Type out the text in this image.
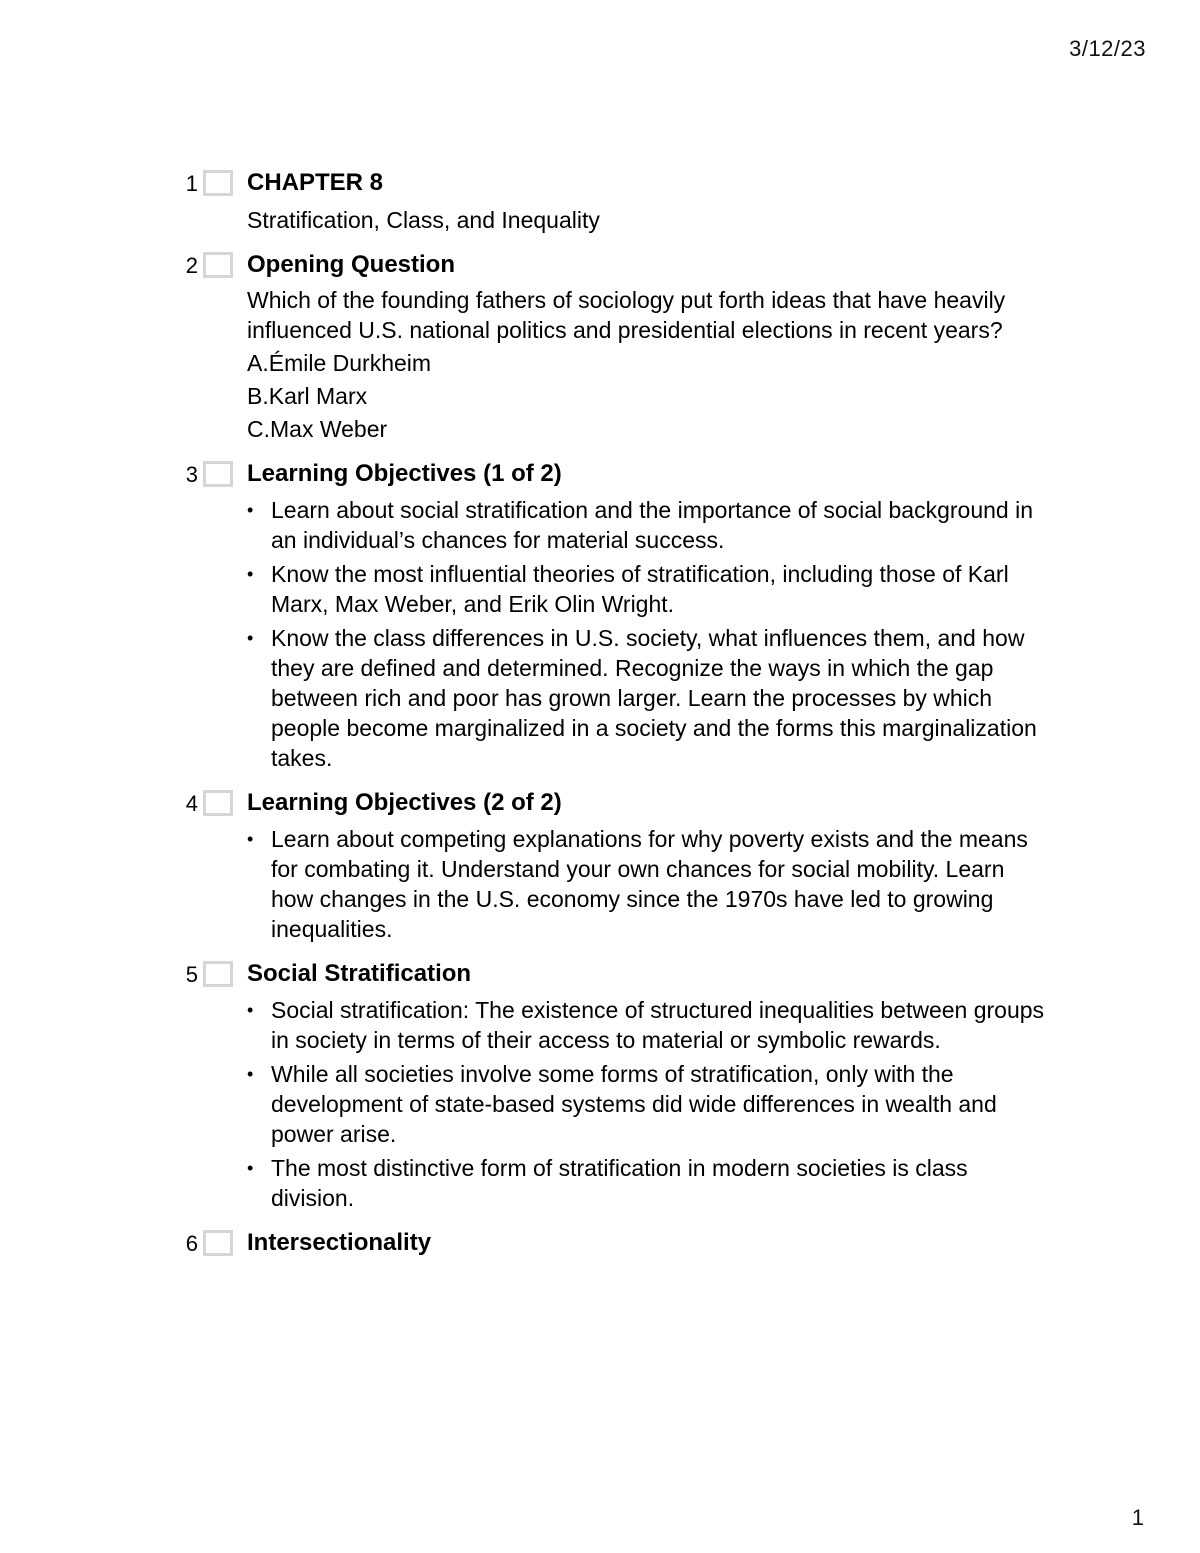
3/12/23
1 CHAPTER 8
Stratification, Class, and Inequality
2 Opening Question
Which of the founding fathers of sociology put forth ideas that have heavily influenced U.S. national politics and presidential elections in recent years?
A.Émile Durkheim
B.Karl Marx
C.Max Weber
3 Learning Objectives (1 of 2)
• Learn about social stratification and the importance of social background in an individual’s chances for material success.
• Know the most influential theories of stratification, including those of Karl Marx, Max Weber, and Erik Olin Wright.
• Know the class differences in U.S. society, what influences them, and how they are defined and determined. Recognize the ways in which the gap between rich and poor has grown larger. Learn the processes by which people become marginalized in a society and the forms this marginalization takes.
4 Learning Objectives (2 of 2)
• Learn about competing explanations for why poverty exists and the means for combating it. Understand your own chances for social mobility. Learn how changes in the U.S. economy since the 1970s have led to growing inequalities.
5 Social Stratification
• Social stratification: The existence of structured inequalities between groups in society in terms of their access to material or symbolic rewards.
• While all societies involve some forms of stratification, only with the development of state-based systems did wide differences in wealth and power arise.
• The most distinctive form of stratification in modern societies is class division.
6 Intersectionality
1
